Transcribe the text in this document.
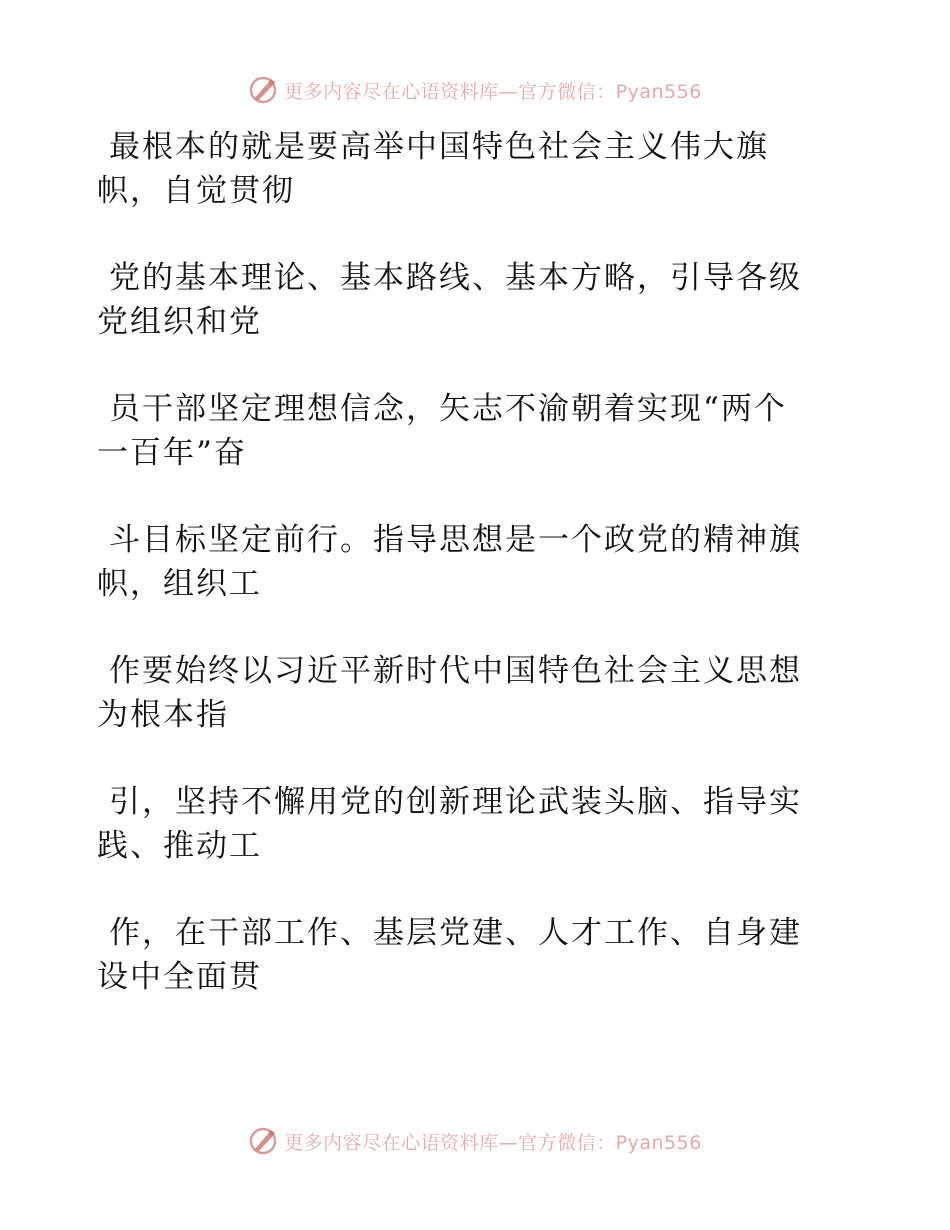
更多内容尽在心语资料库—官方微信：Pyan556

最根本的就是要高举中国特色社会主义伟大旗
帜，自觉贯彻

党的基本理论、基本路线、基本方略，引导各级
党组织和党

员干部坚定理想信念，矢志不渝朝着实现“两个
一百年”奋

斗目标坚定前行。指导思想是一个政党的精神旗
帜，组织工

作要始终以习近平新时代中国特色社会主义思想
为根本指

引，坚持不懈用党的创新理论武装头脑、指导实
践、推动工

作，在干部工作、基层党建、人才工作、自身建
设中全面贯

更多内容尽在心语资料库—官方微信：Pyan556
